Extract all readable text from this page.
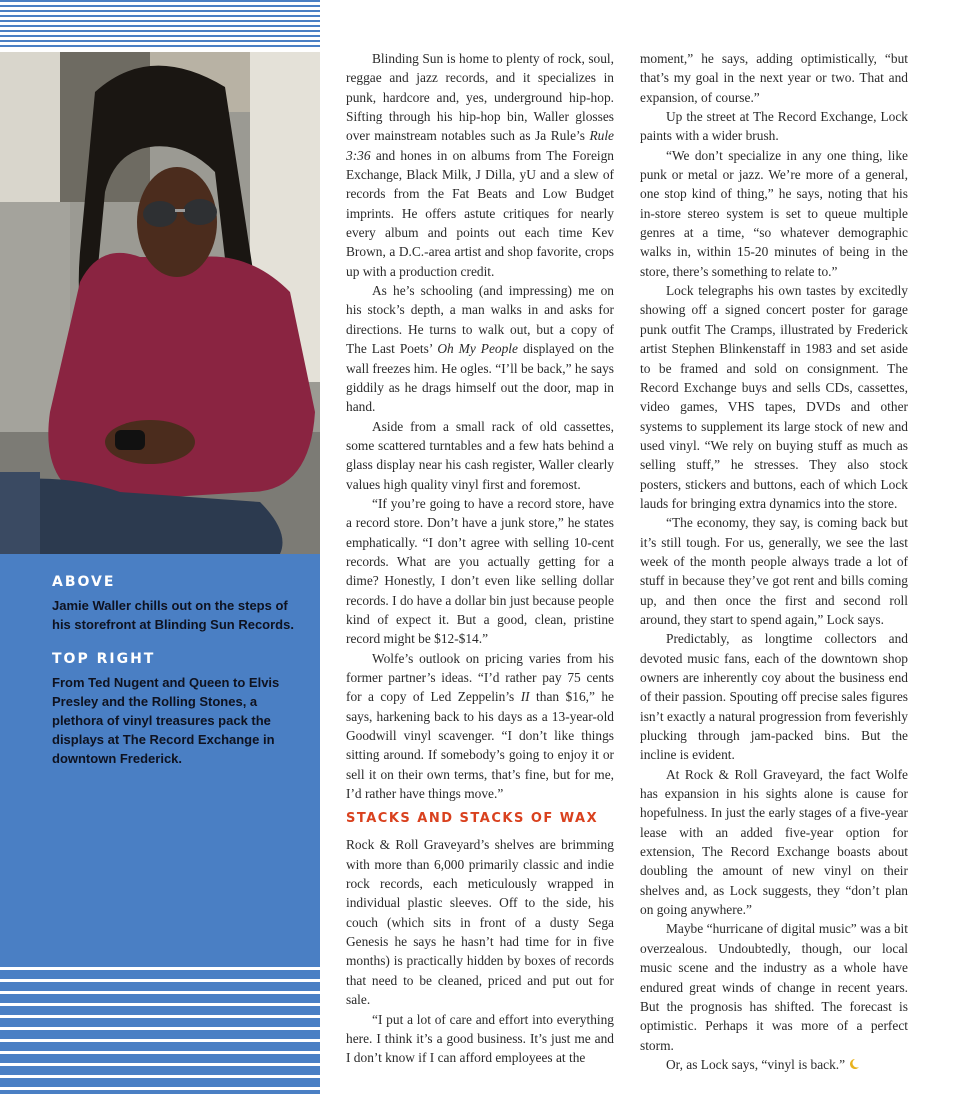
ABOVE
Jamie Waller chills out on the steps of his storefront at Blinding Sun Records.
TOP RIGHT
From Ted Nugent and Queen to Elvis Presley and the Rolling Stones, a plethora of vinyl treasures pack the displays at The Record Exchange in downtown Frederick.

Blinding Sun is home to plenty of rock, soul, reggae and jazz records, and it specializes in punk, hardcore and, yes, underground hip-hop. Sifting through his hip-hop bin, Waller glosses over mainstream notables such as Ja Rule’s Rule 3:36 and hones in on albums from The Foreign Exchange, Black Milk, J Dilla, yU and a slew of records from the Fat Beats and Low Budget imprints. He offers astute critiques for nearly every album and points out each time Kev Brown, a D.C.-area artist and shop favorite, crops up with a production credit.

As he’s schooling (and impressing) me on his stock’s depth, a man walks in and asks for directions. He turns to walk out, but a copy of The Last Poets’ Oh My People displayed on the wall freezes him. He ogles. “I’ll be back,” he says giddily as he drags himself out the door, map in hand.

Aside from a small rack of old cassettes, some scattered turntables and a few hats behind a glass display near his cash register, Waller clearly values high quality vinyl first and foremost.

“If you’re going to have a record store, have a record store. Don’t have a junk store,” he states emphatically. “I don’t agree with selling 10-cent records. What are you actually getting for a dime? Honestly, I don’t even like selling dollar records. I do have a dollar bin just because people kind of expect it. But a good, clean, pristine record might be $12-$14.”

Wolfe’s outlook on pricing varies from his former partner’s ideas. “I’d rather pay 75 cents for a copy of Led Zeppelin’s II than $16,” he says, harkening back to his days as a 13-year-old Goodwill vinyl scavenger. “I don’t like things sitting around. If somebody’s going to enjoy it or sell it on their own terms, that’s fine, but for me, I’d rather have things move.”

STACKS AND STACKS OF WAX

Rock & Roll Graveyard’s shelves are brimming with more than 6,000 primarily classic and indie rock records, each meticulously wrapped in individual plastic sleeves. Off to the side, his couch (which sits in front of a dusty Sega Genesis he says he hasn’t had time for in five months) is practically hidden by boxes of records that need to be cleaned, priced and put out for sale.

“I put a lot of care and effort into everything here. I think it’s a good business. It’s just me and I don’t know if I can afford employees at the

moment,” he says, adding optimistically, “but that’s my goal in the next year or two. That and expansion, of course.”

Up the street at The Record Exchange, Lock paints with a wider brush.

“We don’t specialize in any one thing, like punk or metal or jazz. We’re more of a general, one stop kind of thing,” he says, noting that his in-store stereo system is set to queue multiple genres at a time, “so whatever demographic walks in, within 15-20 minutes of being in the store, there’s something to relate to.”

Lock telegraphs his own tastes by excitedly showing off a signed concert poster for garage punk outfit The Cramps, illustrated by Frederick artist Stephen Blinkenstaff in 1983 and set aside to be framed and sold on consignment. The Record Exchange buys and sells CDs, cassettes, video games, VHS tapes, DVDs and other systems to supplement its large stock of new and used vinyl. “We rely on buying stuff as much as selling stuff,” he stresses. They also stock posters, stickers and buttons, each of which Lock lauds for bringing extra dynamics into the store.

“The economy, they say, is coming back but it’s still tough. For us, generally, we see the last week of the month people always trade a lot of stuff in because they’ve got rent and bills coming up, and then once the first and second roll around, they start to spend again,” Lock says.

Predictably, as longtime collectors and devoted music fans, each of the downtown shop owners are inherently coy about the business end of their passion. Spouting off precise sales figures isn’t exactly a natural progression from feverishly plucking through jam-packed bins. But the incline is evident.

At Rock & Roll Graveyard, the fact Wolfe has expansion in his sights alone is cause for hopefulness. In just the early stages of a five-year lease with an added five-year option for extension, The Record Exchange boasts about doubling the amount of new vinyl on their shelves and, as Lock suggests, they “don’t plan on going anywhere.”

Maybe “hurricane of digital music” was a bit overzealous. Undoubtedly, though, our local music scene and the industry as a whole have endured great winds of change in recent years. But the prognosis has shifted. The forecast is optimistic. Perhaps it was more of a perfect storm.

Or, as Lock says, “vinyl is back.”
